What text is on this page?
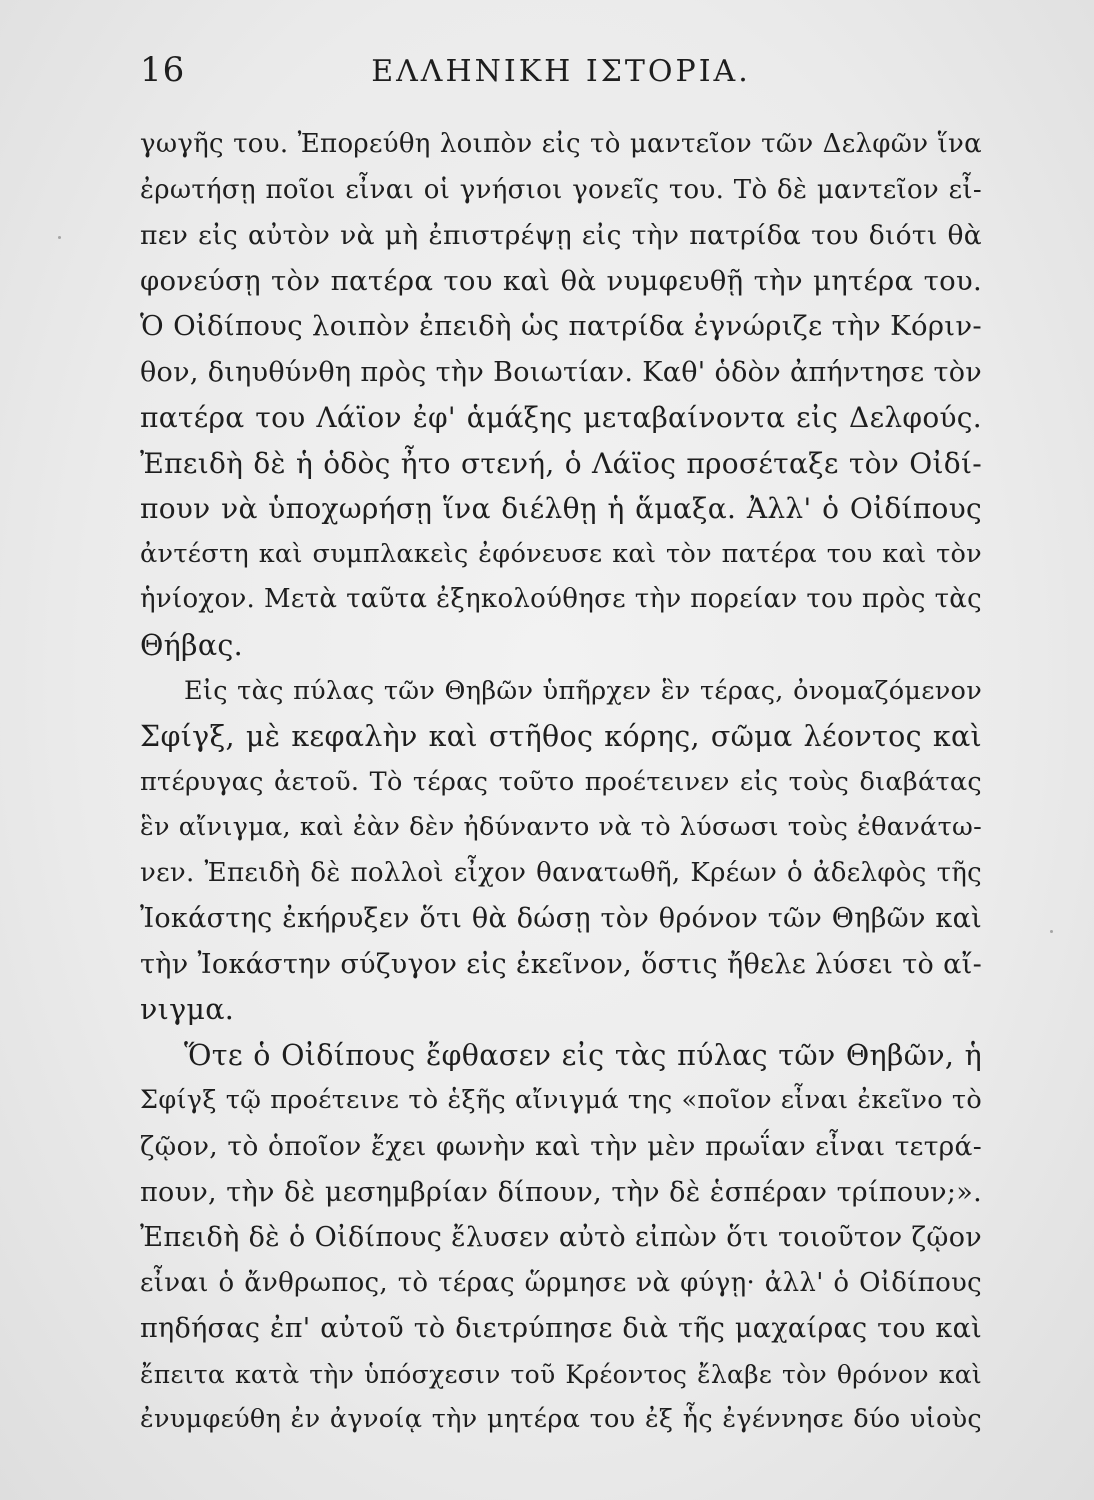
16	ΕΛΛΗΝΙΚΗ ΙΣΤΟΡΙΑ.
γωγῆς του. Ἐπορεύθη λοιπὸν εἰς τὸ μαντεῖον τῶν Δελφῶν ἵνα
ἐρωτήσῃ ποῖοι εἶναι οἱ γνήσιοι γονεῖς του. Τὸ δὲ μαντεῖον εἶ-
πεν εἰς αὐτὸν νὰ μὴ ἐπιστρέψῃ εἰς τὴν πατρίδα του διότι θὰ
φονεύσῃ τὸν πατέρα του καὶ θὰ νυμφευθῇ τὴν μητέρα του.
Ὁ Οἰδίπους λοιπὸν ἐπειδὴ ὡς πατρίδα ἐγνώριζε τὴν Κόριν-
θον, διηυθύνθη πρὸς τὴν Βοιωτίαν. Καθ' ὁδὸν ἀπήντησε τὸν
πατέρα του Λάϊον ἐφ' ἁμάξης μεταβαίνοντα εἰς Δελφούς.
Ἐπειδὴ δὲ ἡ ὁδὸς ἦτο στενή, ὁ Λάϊος προσέταξε τὸν Οἰδί-
πουν νὰ ὑποχωρήσῃ ἵνα διέλθῃ ἡ ἅμαξα. Ἀλλ' ὁ Οἰδίπους
ἀντέστη καὶ συμπλακεὶς ἐφόνευσε καὶ τὸν πατέρα του καὶ τὸν
ἡνίοχον. Μετὰ ταῦτα ἐξηκολούθησε τὴν πορείαν του πρὸς τὰς
Θήβας.
Εἰς τὰς πύλας τῶν Θηβῶν ὑπῆρχεν ἓν τέρας, ὀνομαζόμενον
Σφίγξ, μὲ κεφαλὴν καὶ στῆθος κόρης, σῶμα λέοντος καὶ
πτέρυγας ἀετοῦ. Τὸ τέρας τοῦτο προέτεινεν εἰς τοὺς διαβάτας
ἓν αἴνιγμα, καὶ ἐὰν δὲν ἠδύναντο νὰ τὸ λύσωσι τοὺς ἐθανάτω-
νεν. Ἐπειδὴ δὲ πολλοὶ εἶχον θανατωθῆ, Κρέων ὁ ἀδελφὸς τῆς
Ἰοκάστης ἐκήρυξεν ὅτι θὰ δώσῃ τὸν θρόνον τῶν Θηβῶν καὶ
τὴν Ἰοκάστην σύζυγον εἰς ἐκεῖνον, ὅστις ἤθελε λύσει τὸ αἴ-
νιγμα.
Ὅτε ὁ Οἰδίπους ἔφθασεν εἰς τὰς πύλας τῶν Θηβῶν, ἡ
Σφίγξ τῷ προέτεινε τὸ ἑξῆς αἴνιγμά της «ποῖον εἶναι ἐκεῖνο τὸ
ζῷον, τὸ ὁποῖον ἔχει φωνὴν καὶ τὴν μὲν πρωΐαν εἶναι τετρά-
πουν, τὴν δὲ μεσημβρίαν δίπουν, τὴν δὲ ἑσπέραν τρίπουν;».
Ἐπειδὴ δὲ ὁ Οἰδίπους ἔλυσεν αὐτὸ εἰπὼν ὅτι τοιοῦτον ζῷον
εἶναι ὁ ἄνθρωπος, τὸ τέρας ὥρμησε νὰ φύγῃ· ἀλλ' ὁ Οἰδίπους
πηδήσας ἐπ' αὐτοῦ τὸ διετρύπησε διὰ τῆς μαχαίρας του καὶ
ἔπειτα κατὰ τὴν ὑπόσχεσιν τοῦ Κρέοντος ἔλαβε τὸν θρόνον καὶ
ἐνυμφεύθη ἐν ἀγνοίᾳ τὴν μητέρα του ἐξ ἧς ἐγέννησε δύο υἱοὺς
